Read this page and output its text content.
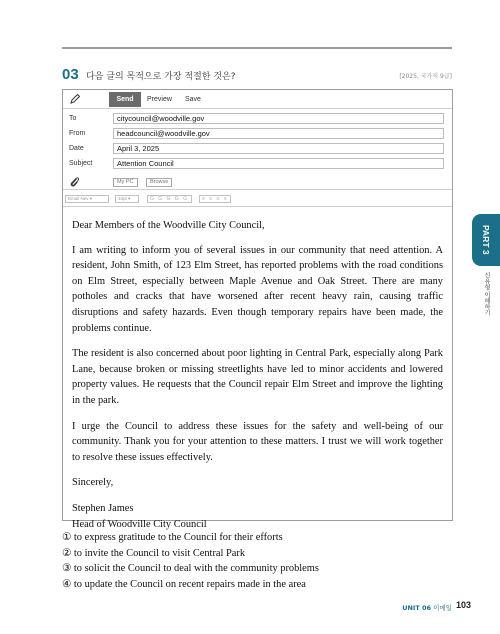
03 다음 글의 목적으로 가장 적절한 것은?	[2025, 국가직 9급]
Send	Preview Save
To	citycouncil@woodville.gov
From	headcouncil@woodville.gov
Date	April 3, 2025
Subject	Attention Council
My PC	Browse
Email Nev ▾	10pt ▾	G G G G G	≡ ≡ ≡ ≡

Dear Members of the Woodville City Council,

I am writing to inform you of several issues in our community that need attention. A resident, John Smith, of 123 Elm Street, has reported problems with the road conditions on Elm Street, especially between Maple Avenue and Oak Street. There are many potholes and cracks that have worsened after recent heavy rain, causing traffic disruptions and safety hazards. Even though temporary repairs have been made, the problems continue.

The resident is also concerned about poor lighting in Central Park, especially along Park Lane, because broken or missing streetlights have led to minor accidents and lowered property values. He requests that the Council repair Elm Street and improve the lighting in the park.

I urge the Council to address these issues for the safety and well-being of our community. Thank you for your attention to these matters. I trust we will work together to resolve these issues effectively.

Sincerely,

Stephen James

Head of Woodville City Council

① to express gratitude to the Council for their efforts
② to invite the Council to visit Central Park
③ to solicit the Council to deal with the community problems
④ to update the Council on recent repairs made in the area
PART 3
신유형 이해하기
UNIT 06 이메일 103
